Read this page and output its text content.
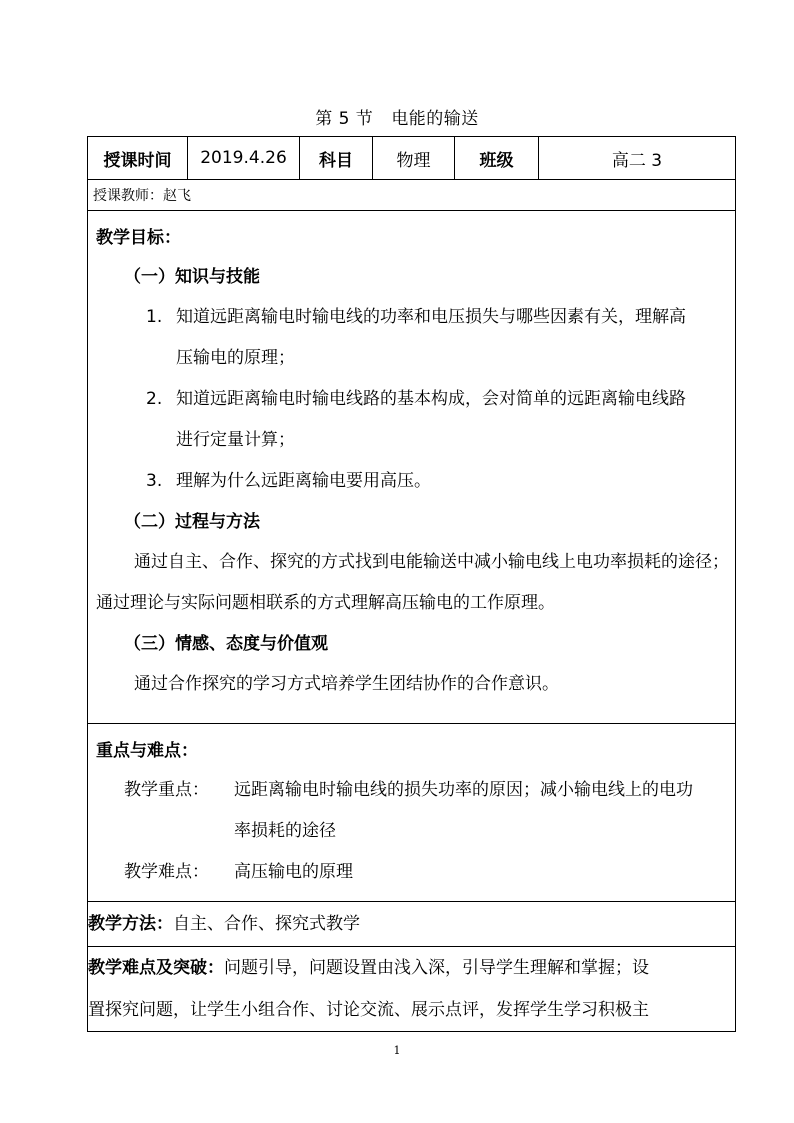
第 5 节 电能的输送
授课时间	2019.4.26	科目	物理	班级	高二 3
授课教师：赵飞

教学目标：
（一）知识与技能
1. 知道远距离输电时输电线的功率和电压损失与哪些因素有关，理解高
压输电的原理；
2. 知道远距离输电时输电线路的基本构成，会对简单的远距离输电线路
进行定量计算；
3. 理解为什么远距离输电要用高压。
（二）过程与方法
通过自主、合作、探究的方式找到电能输送中减小输电线上电功率损耗的途径；通过理论与实际问题相联系的方式理解高压输电的工作原理。
（三）情感、态度与价值观
通过合作探究的学习方式培养学生团结协作的合作意识。

重点与难点：
教学重点：	远距离输电时输电线的损失功率的原因；减小输电线上的电功
率损耗的途径
教学难点：	高压输电的原理

教学方法：自主、合作、探究式教学
教学难点及突破：问题引导，问题设置由浅入深，引导学生理解和掌握；设
置探究问题，让学生小组合作、讨论交流、展示点评，发挥学生学习积极主
1
